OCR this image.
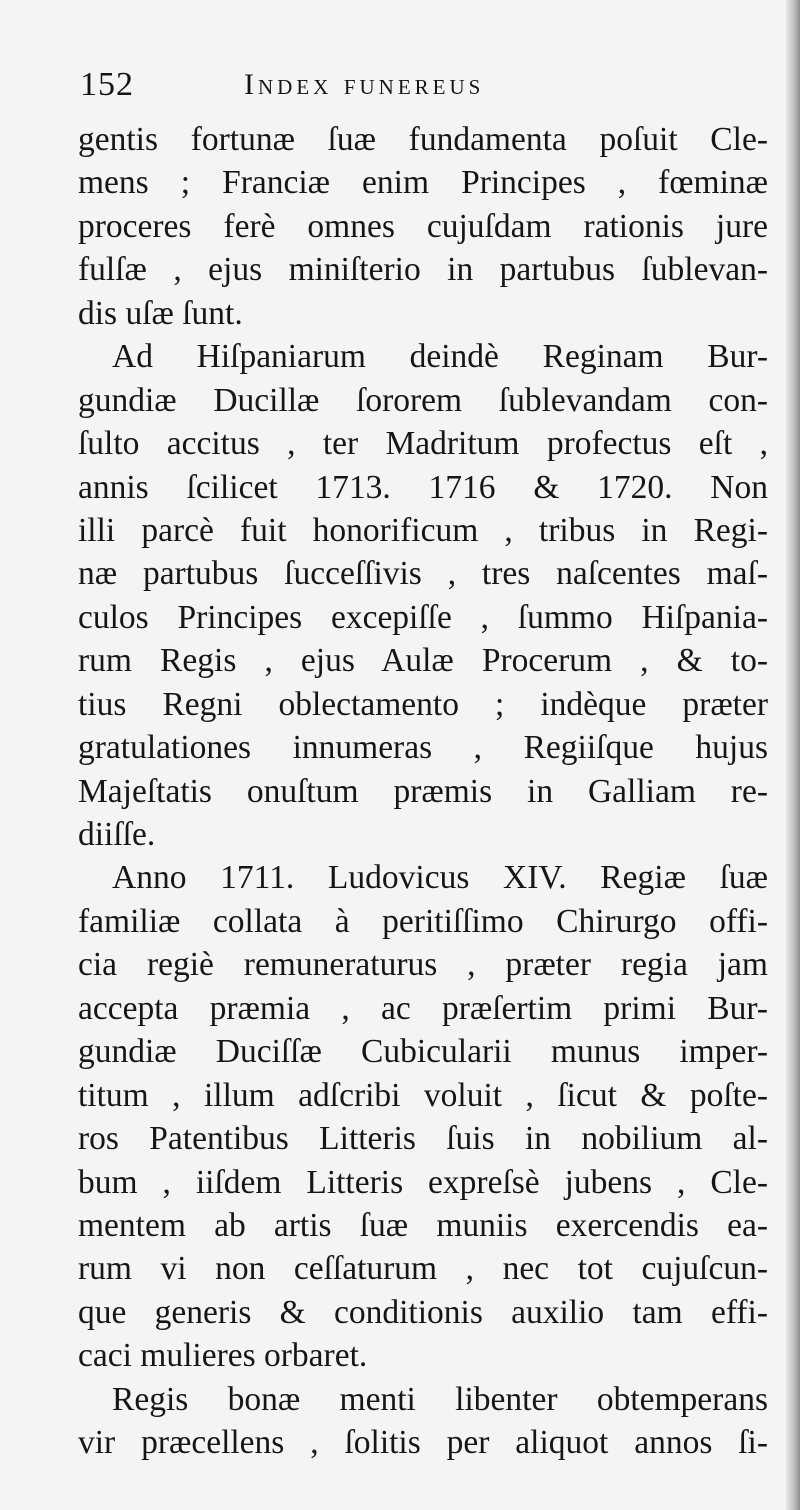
152	Index funereus
gentis fortunæ ſuæ fundamenta poſuit Cle-
mens ; Franciæ enim Principes , fœminæ
proceres ferè omnes cujuſdam rationis jure
fulſæ , ejus miniſterio in partubus ſublevan-
dis uſæ ſunt.
Ad Hiſpaniarum deindè Reginam Bur-
gundiæ Ducillæ ſororem ſublevandam con-
ſulto accitus , ter Madritum profectus eſt ,
annis ſcilicet 1713. 1716 & 1720. Non
illi parcè fuit honorificum , tribus in Regi-
næ partubus ſucceſſivis , tres naſcentes maſ-
culos Principes excepiſſe , ſummo Hiſpania-
rum Regis , ejus Aulæ Procerum , & to-
tius Regni oblectamento ; indèque præter
gratulationes innumeras , Regiiſque hujus
Majeſtatis onuſtum præmis in Galliam re-
diiſſe.
Anno 1711. Ludovicus XIV. Regiæ ſuæ
familiæ collata à peritiſſimo Chirurgo offi-
cia regiè remuneraturus , præter regia jam
accepta præmia , ac præſertim primi Bur-
gundiæ Duciſſæ Cubicularii munus imper-
titum , illum adſcribi voluit , ſicut & poſte-
ros Patentibus Litteris ſuis in nobilium al-
bum , iiſdem Litteris expreſsè jubens , Cle-
mentem ab artis ſuæ muniis exercendis ea-
rum vi non ceſſaturum , nec tot cujuſcun-
que generis & conditionis auxilio tam effi-
caci mulieres orbaret.
Regis bonæ menti libenter obtemperans
vir præcellens , ſolitis per aliquot annos ſi-
